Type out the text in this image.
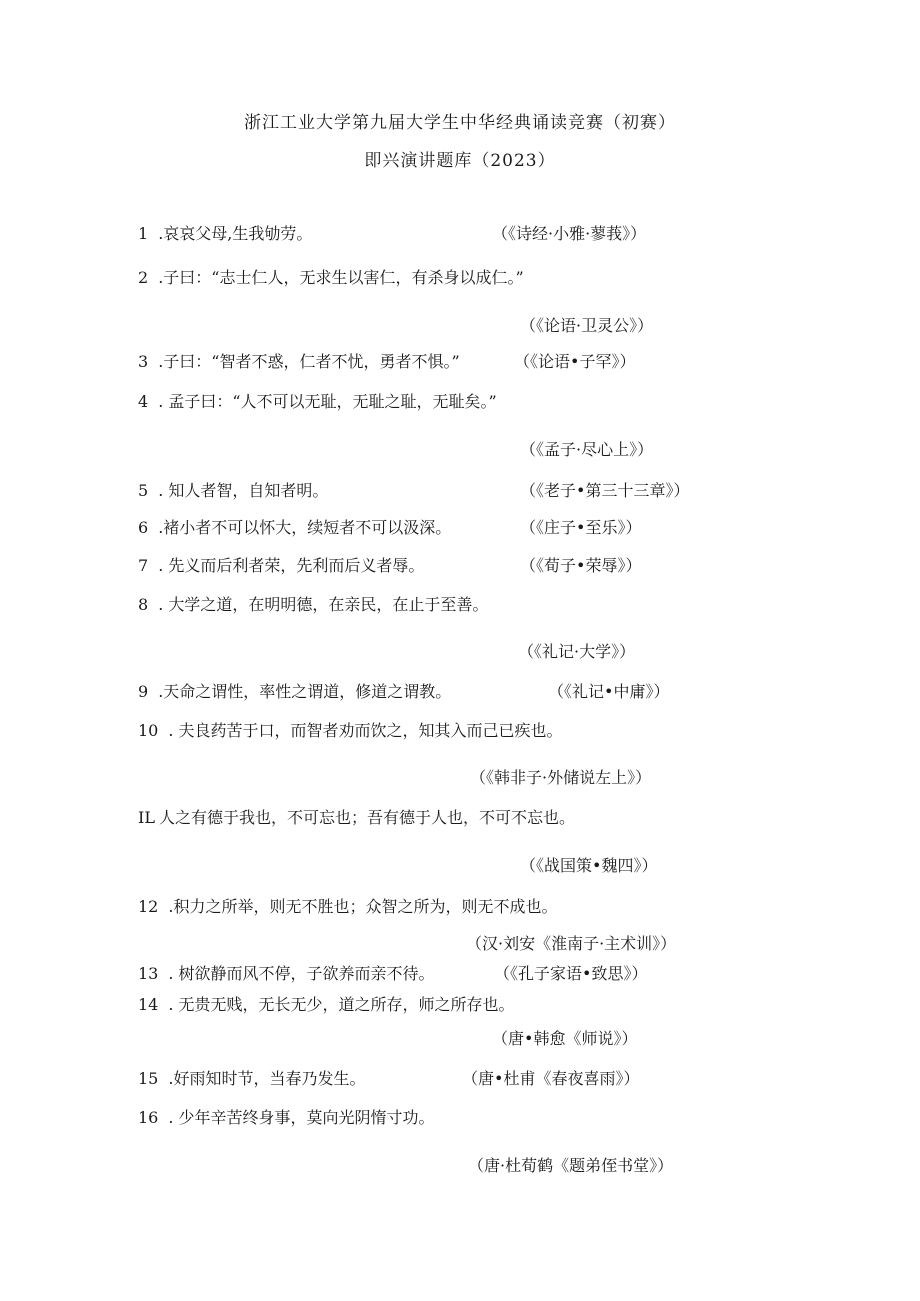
浙江工业大学第九届大学生中华经典诵读竞赛（初赛）
即兴演讲题库（2023）
1 .哀哀父母,生我劬劳。	（《诗经·小雅·蓼莪》）
2 .子曰：“志士仁人，无求生以害仁，有杀身以成仁。”
（《论语·卫灵公》）
3 .子曰：“智者不惑，仁者不忧，勇者不惧。”	（《论语•子罕》）
4 . 孟子曰：“人不可以无耻，无耻之耻，无耻矣。”
（《孟子·尽心上》）
5 . 知人者智，自知者明。	（《老子•第三十三章》）
6 .褚小者不可以怀大，续短者不可以汲深。	（《庄子•至乐》）
7 . 先义而后利者荣，先利而后义者辱。	（《荀子•荣辱》）
8 . 大学之道，在明明德，在亲民，在止于至善。
（《礼记·大学》）
9 .天命之谓性，率性之谓道，修道之谓教。	（《礼记•中庸》）
10 . 夫良药苦于口，而智者劝而饮之，知其入而己已疾也。
（《韩非子·外储说左上》）
IL 人之有德于我也，不可忘也；吾有德于人也，不可不忘也。
（《战国策•魏四》）
12 .积力之所举，则无不胜也；众智之所为，则无不成也。
（汉·刘安《淮南子·主术训》）
13 . 树欲静而风不停，子欲养而亲不待。	（《孔子家语•致思》）
14 . 无贵无贱，无长无少，道之所存，师之所存也。
（唐•韩愈《师说》）
15 .好雨知时节，当春乃发生。	（唐•杜甫《春夜喜雨》）
16 . 少年辛苦终身事，莫向光阴惰寸功。
（唐·杜荀鹤《题弟侄书堂》）
